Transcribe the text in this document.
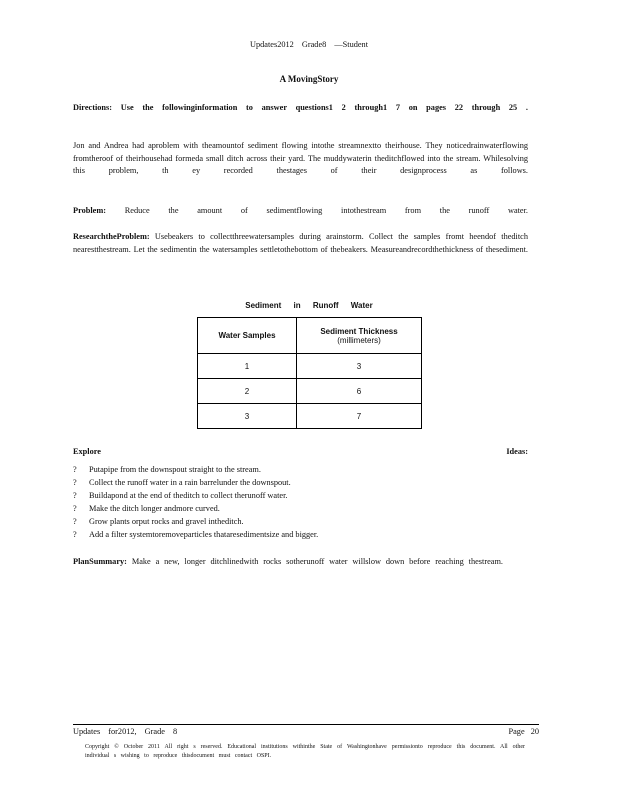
Updates2012 Grade8 —Student
A MovingStory
Directions: Use the followinginformation to answer questions1 2 through1 7 on pages 22 through 25 .
Jon and Andrea had aproblem with theamountof sediment flowing intothe streamnextto theirhouse. They noticedrainwaterflowing fromtheroof of theirhousehad formeda small ditch across their yard. The muddywaterin theditchflowed into the stream. Whilesolving this problem, th ey recorded thestages of their designprocess as follows.
Problem: Reduce the amount of sedimentflowing intothestream from the runoff water.
ResearchtheProblem: Usebeakers to collectthreewatersamples during arainstorm. Collect the samples fromt heendof theditch nearestthestream. Let the sedimentin the watersamples settletothebottom of thebeakers. Measureandrecordthethickness of thesediment.
Sediment in Runoff Water
Water Samples	Sediment Thickness
(millimeters)

1	3
2	6
3	7
Explore Ideas:
? Putapipe from the downspout straight to the stream.
? Collect the runoff water in a rain barrelunder the downspout.
? Buildapond at the end of theditch to collect therunoff water.
? Make the ditch longer andmore curved.
? Grow plants orput rocks and gravel intheditch.
? Add a filter systemtoremoveparticles thataresedimentsize and bigger.
PlanSummary: Make a new, longer ditchlinedwith rocks sotherunoff water willslow down before reaching thestream.
Updates for2012, Grade 8	Page 20
Copyright © October 2011 All right s reserved. Educational institutions withinthe State of Washingtonhave permissionto reproduce this document. All other individual s wishing to reproduce thisdocument must contact OSPI.
